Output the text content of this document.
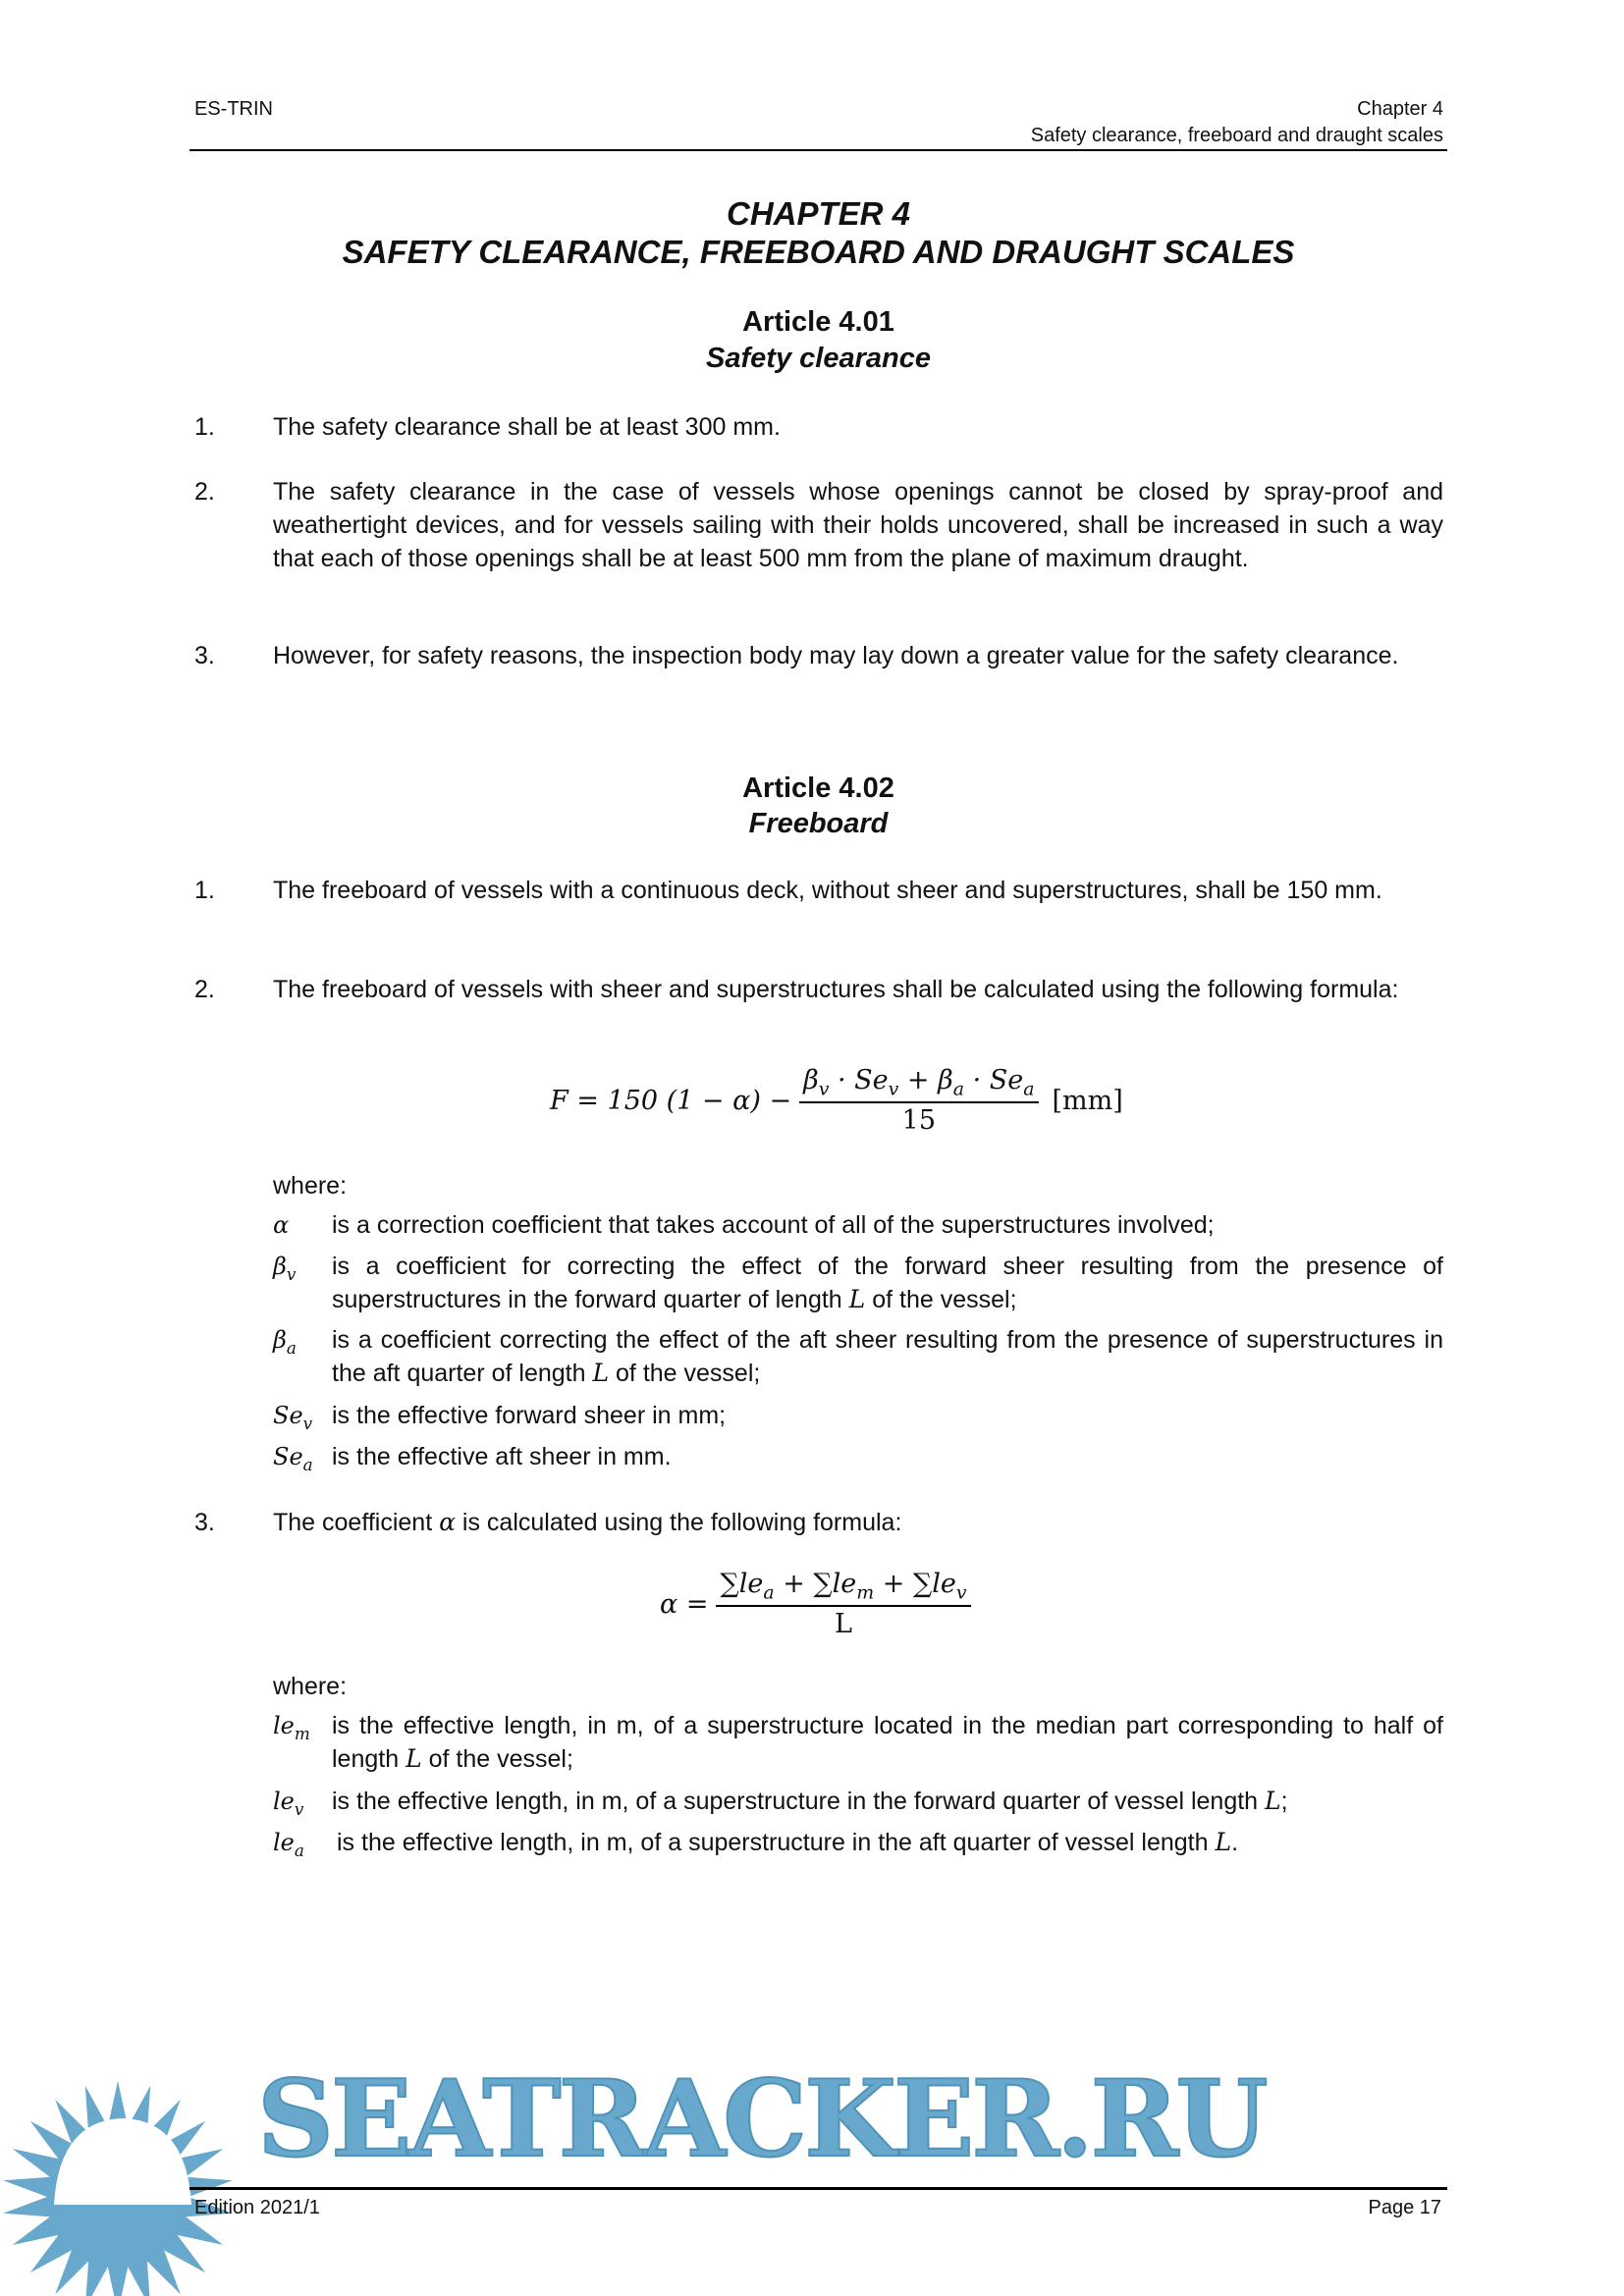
ES-TRIN	Chapter 4
Safety clearance, freeboard and draught scales
CHAPTER 4
SAFETY CLEARANCE, FREEBOARD AND DRAUGHT SCALES
Article 4.01
Safety clearance
1. The safety clearance shall be at least 300 mm.
2. The safety clearance in the case of vessels whose openings cannot be closed by spray-proof and weathertight devices, and for vessels sailing with their holds uncovered, shall be increased in such a way that each of those openings shall be at least 500 mm from the plane of maximum draught.
3. However, for safety reasons, the inspection body may lay down a greater value for the safety clearance.
Article 4.02
Freeboard
1. The freeboard of vessels with a continuous deck, without sheer and superstructures, shall be 150 mm.
2. The freeboard of vessels with sheer and superstructures shall be calculated using the following formula:
F = 150 $(1 - \alpha) - \frac{\beta_v \cdot Se_v + \beta_a \cdot Se_a}{15} [mm]$
where:
α is a correction coefficient that takes account of all of the superstructures involved;
$\beta_v$ is a coefficient for correcting the effect of the forward sheer resulting from the presence of superstructures in the forward quarter of length L of the vessel;
$\beta_a$ is a coefficient correcting the effect of the aft sheer resulting from the presence of superstructures in the aft quarter of length L of the vessel;
$Se_v$ is the effective forward sheer in mm;
$Se_a$ is the effective aft sheer in mm.
3. The coefficient α is calculated using the following formula:
$\alpha = \frac{\sum le_a + \sum le_m + \sum le_v}{L}$
where:
$le_m$ is the effective length, in m, of a superstructure located in the median part corresponding to half of length L of the vessel;
$le_v$ is the effective length, in m, of a superstructure in the forward quarter of vessel length L;
$le_a$ is the effective length, in m, of a superstructure in the aft quarter of vessel length L.
SEATRACKER.RU
Edition 2021/1	Page 17
